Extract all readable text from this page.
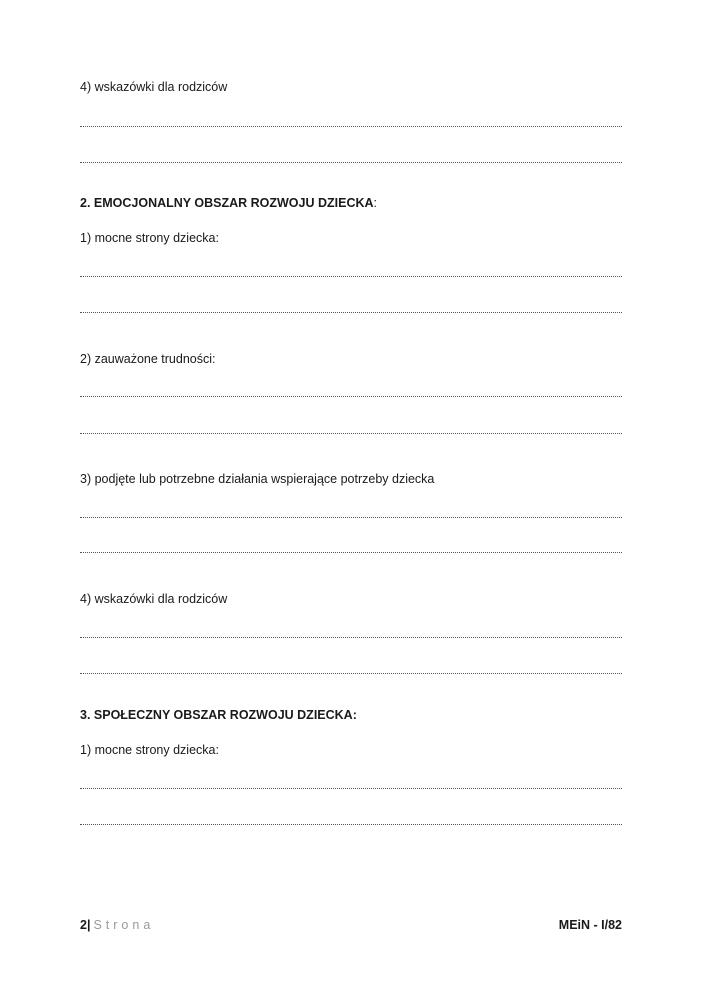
4) wskazówki dla rodziców
2. EMOCJONALNY OBSZAR ROZWOJU DZIECKA:
1) mocne strony dziecka:
2) zauważone trudności:
3) podjęte lub potrzebne działania wspierające potrzeby dziecka
4) wskazówki dla rodziców
3. SPOŁECZNY OBSZAR ROZWOJU DZIECKA:
1) mocne strony dziecka:
2| Strona	MEiN - I/82
